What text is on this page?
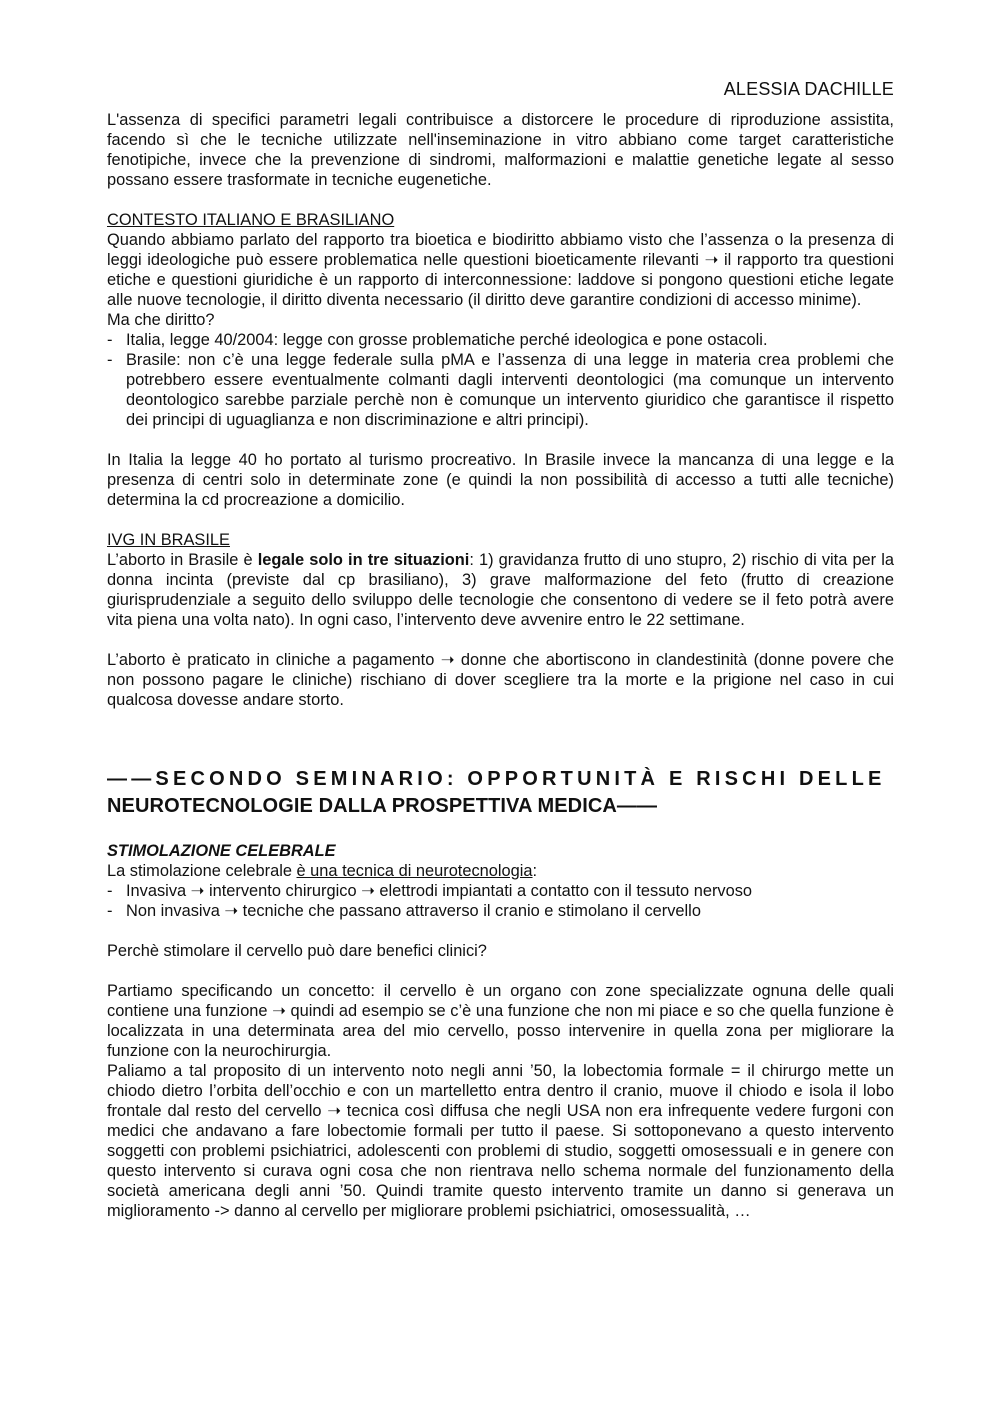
ALESSIA DACHILLE

L'assenza di specifici parametri legali contribuisce a distorcere le procedure di riproduzione assistita, facendo sì che le tecniche utilizzate nell'inseminazione in vitro abbiano come target caratteristiche fenotipiche, invece che la prevenzione di sindromi, malformazioni e malattie genetiche legate al sesso possano essere trasformate in tecniche eugenetiche.

CONTESTO ITALIANO E BRASILIANO

Quando abbiamo parlato del rapporto tra bioetica e biodiritto abbiamo visto che l’assenza o la presenza di leggi ideologiche può essere problematica nelle questioni bioeticamente rilevanti ➝ il rapporto tra questioni etiche e questioni giuridiche è un rapporto di interconnessione: laddove si pongono questioni etiche legate alle nuove tecnologie, il diritto diventa necessario (il diritto deve garantire condizioni di accesso minime).

Ma che diritto?
- Italia, legge 40/2004: legge con grosse problematiche perché ideologica e pone ostacoli.
- Brasile: non c’è una legge federale sulla pMA e l’assenza di una legge in materia crea problemi che potrebbero essere eventualmente colmanti dagli interventi deontologici (ma comunque un intervento deontologico sarebbe parziale perchè non è comunque un intervento giuridico che garantisce il rispetto dei principi di uguaglianza e non discriminazione e altri principi).

In Italia la legge 40 ho portato al turismo procreativo. In Brasile invece la mancanza di una legge e la presenza di centri solo in determinate zone (e quindi la non possibilità di accesso a tutti alle tecniche) determina la cd procreazione a domicilio.

IVG IN BRASILE

L’aborto in Brasile è legale solo in tre situazioni: 1) gravidanza frutto di uno stupro, 2) rischio di vita per la donna incinta (previste dal cp brasiliano), 3) grave malformazione del feto (frutto di creazione giurisprudenziale a seguito dello sviluppo delle tecnologie che consentono di vedere se il feto potrà avere vita piena una volta nato). In ogni caso, l’intervento deve avvenire entro le 22 settimane.

L’aborto è praticato in cliniche a pagamento ➝ donne che abortiscono in clandestinità (donne povere che non possono pagare le cliniche) rischiano di dover scegliere tra la morte e la prigione nel caso in cui qualcosa dovesse andare storto.

——SECONDO SEMINARIO: OPPORTUNITÀ E RISCHI DELLE
NEUROTECNOLOGIE DALLA PROSPETTIVA MEDICA——
STIMOLAZIONE CELEBRALE
La stimolazione celebrale è una tecnica di neurotecnologia:
- Invasiva ➝ intervento chirurgico ➝ elettrodi impiantati a contatto con il tessuto nervoso
- Non invasiva ➝ tecniche che passano attraverso il cranio e stimolano il cervello
Perchè stimolare il cervello può dare benefici clinici?

Partiamo specificando un concetto: il cervello è un organo con zone specializzate ognuna delle quali contiene una funzione ➝ quindi ad esempio se c’è una funzione che non mi piace e so che quella funzione è localizzata in una determinata area del mio cervello, posso intervenire in quella zona per migliorare la funzione con la neurochirurgia.

Paliamo a tal proposito di un intervento noto negli anni ’50, la lobectomia formale = il chirurgo mette un chiodo dietro l’orbita dell’occhio e con un martelletto entra dentro il cranio, muove il chiodo e isola il lobo frontale dal resto del cervello ➝ tecnica così diffusa che negli USA non era infrequente vedere furgoni con medici che andavano a fare lobectomie formali per tutto il paese. Si sottoponevano a questo intervento soggetti con problemi psichiatrici, adolescenti con problemi di studio, soggetti omosessuali e in genere con questo intervento si curava ogni cosa che non rientrava nello schema normale del funzionamento della società americana degli anni ’50. Quindi tramite questo intervento tramite un danno si generava un miglioramento -> danno al cervello per migliorare problemi psichiatrici, omosessualità, …
